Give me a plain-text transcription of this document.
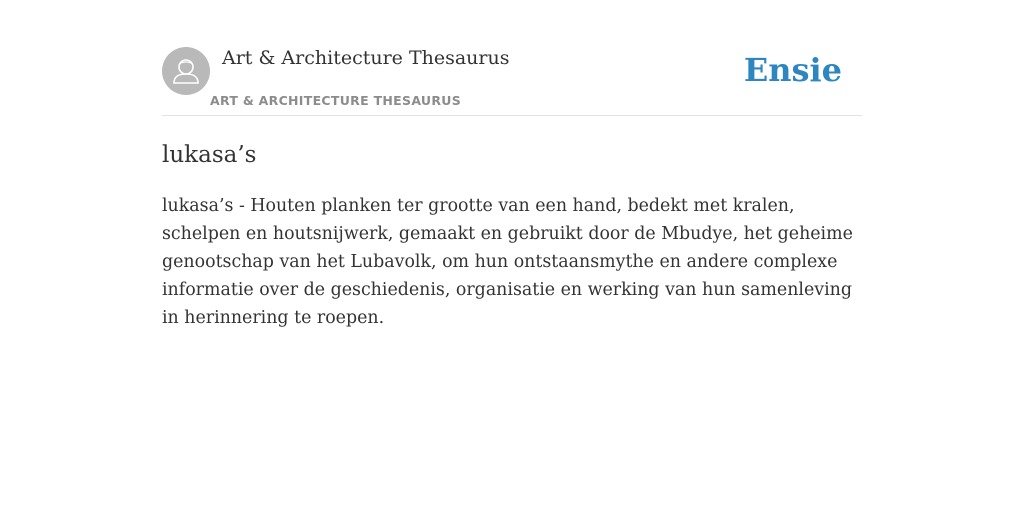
Art & Architecture Thesaurus
ART & ARCHITECTURE THESAURUS
Ensie
lukasa’s

lukasa’s - Houten planken ter grootte van een hand, bedekt met kralen, schelpen en houtsnijwerk, gemaakt en gebruikt door de Mbudye, het geheime genootschap van het Lubavolk, om hun ontstaansmythe en andere complexe informatie over de geschiedenis, organisatie en werking van hun samenleving in herinnering te roepen.
